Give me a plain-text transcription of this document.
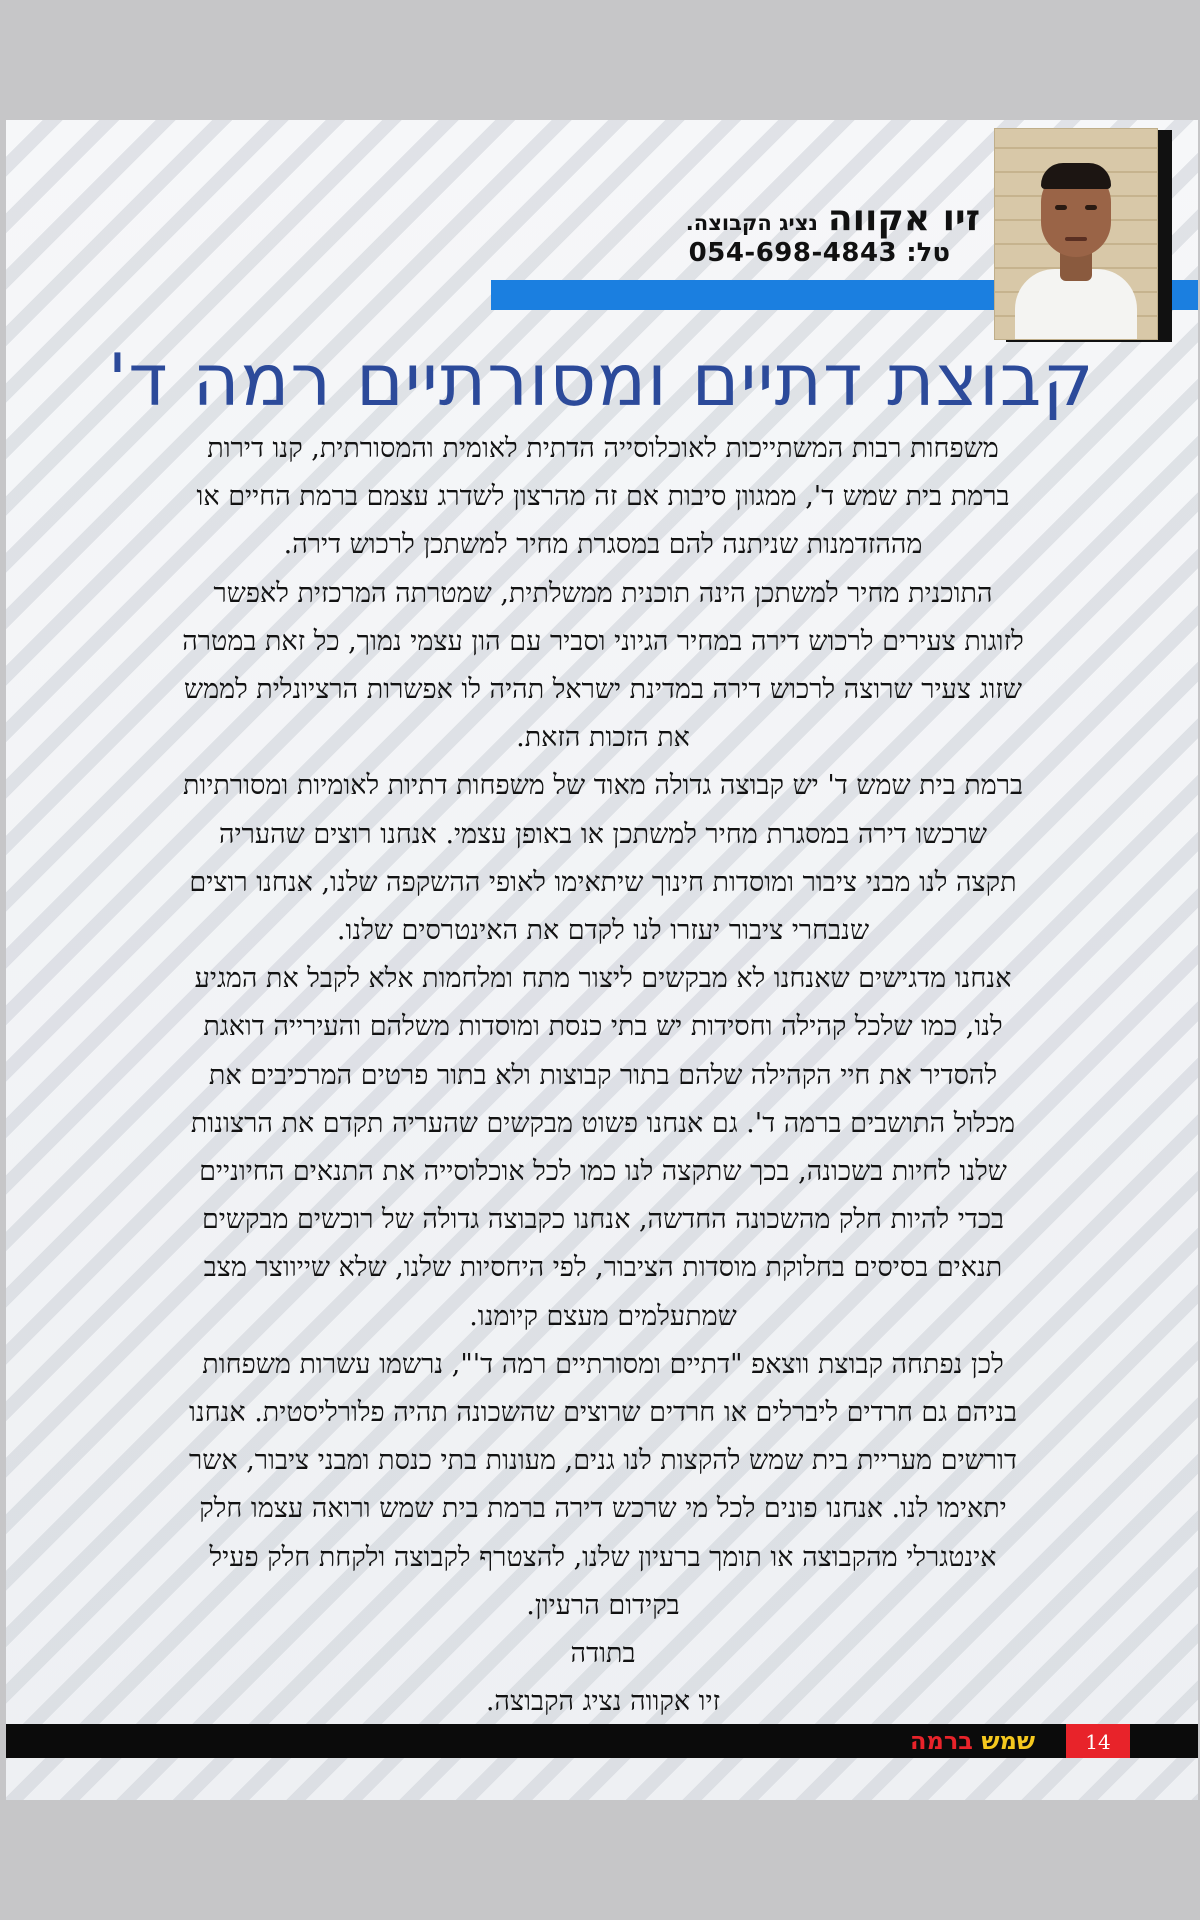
זיו אקווה
נציג הקבוצה.
טל: 054-698-4843
קבוצת דתיים ומסורתיים רמה ד'
משפחות רבות המשתייכות לאוכלוסייה הדתית לאומית והמסורתית, קנו דירות
ברמת בית שמש ד', ממגוון סיבות אם זה מהרצון לשדרג עצמם ברמת החיים או
מההזדמנות שניתנה להם במסגרת מחיר למשתכן לרכוש דירה.
התוכנית מחיר למשתכן הינה תוכנית ממשלתית, שמטרתה המרכזית לאפשר
לזוגות צעירים לרכוש דירה במחיר הגיוני וסביר עם הון עצמי נמוך, כל זאת במטרה
שזוג צעיר שרוצה לרכוש דירה במדינת ישראל תהיה לו אפשרות הרציונלית לממש
את הזכות הזאת.
ברמת בית שמש ד' יש קבוצה גדולה מאוד של משפחות דתיות לאומיות ומסורתיות
שרכשו דירה במסגרת מחיר למשתכן או באופן עצמי. אנחנו רוצים שהעריה
תקצה לנו מבני ציבור ומוסדות חינוך שיתאימו לאופי ההשקפה שלנו, אנחנו רוצים
שנבחרי ציבור יעזרו לנו לקדם את האינטרסים שלנו.
אנחנו מדגישים שאנחנו לא מבקשים ליצור מתח ומלחמות אלא לקבל את המגיע
לנו, כמו שלכל קהילה וחסידות יש בתי כנסת ומוסדות משלהם והעירייה דואגת
להסדיר את חיי הקהילה שלהם בתור קבוצות ולא בתור פרטים המרכיבים את
מכלול התושבים ברמה ד'. גם אנחנו פשוט מבקשים שהעריה תקדם את הרצונות
שלנו לחיות בשכונה, בכך שתקצה לנו כמו לכל אוכלוסייה את התנאים החיוניים
בכדי להיות חלק מהשכונה החדשה, אנחנו כקבוצה גדולה של רוכשים מבקשים
תנאים בסיסים בחלוקת מוסדות הציבור, לפי היחסיות שלנו, שלא שייווצר מצב
שמתעלמים מעצם קיומנו.
לכן נפתחה קבוצת ווצאפ "דתיים ומסורתיים רמה ד'", נרשמו עשרות משפחות
בניהם גם חרדים ליברלים או חרדים שרוצים שהשכונה תהיה פלורליסטית. אנחנו
דורשים מעריית בית שמש להקצות לנו גנים, מעונות בתי כנסת ומבני ציבור, אשר
יתאימו לנו. אנחנו פונים לכל מי שרכש דירה ברמת בית שמש ורואה עצמו חלק
אינטגרלי מהקבוצה או תומך ברעיון שלנו, להצטרף לקבוצה ולקחת חלק פעיל
בקידום הרעיון.
בתודה
זיו אקווה נציג הקבוצה.
שמש ברמה	14
